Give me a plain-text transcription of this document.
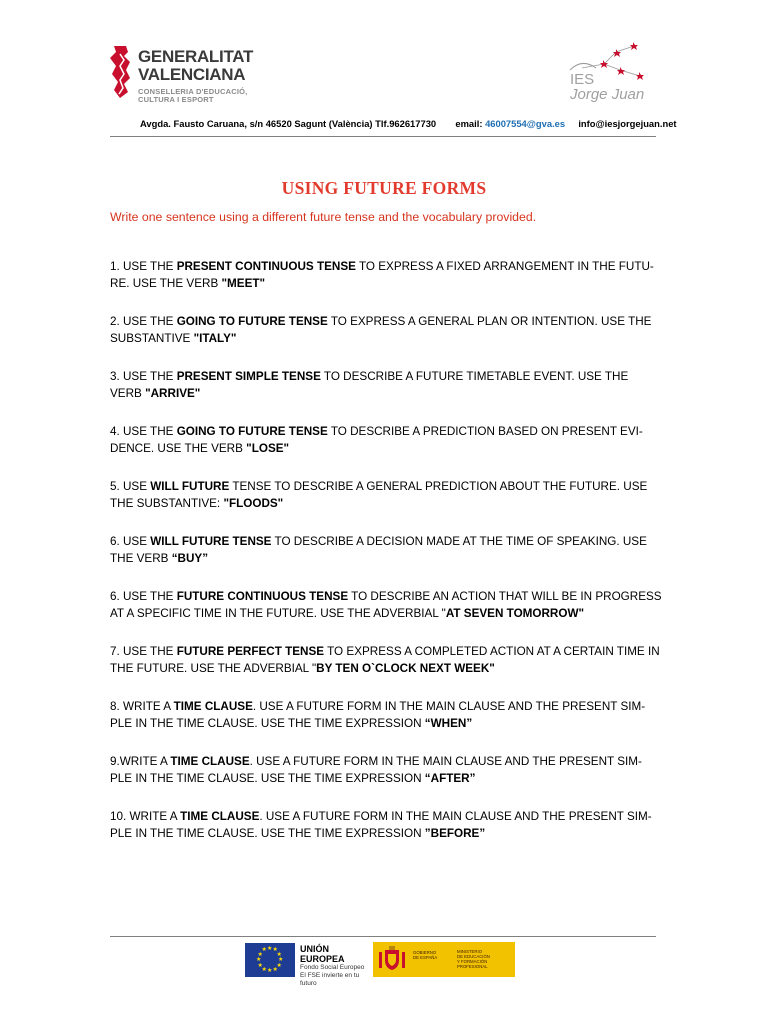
GENERALITAT
VALENCIANA
CONSELLERIA D'EDUCACIÓ,
CULTURA I ESPORT
IES
Jorge Juan
Avgda. Fausto Caruana, s/n 46520 Sagunt (València) Tlf.962617730 email: 46007554@gva.es info@iesjorgejuan.net
USING FUTURE FORMS
Write one sentence using a different future tense and the vocabulary provided.

1. USE THE PRESENT CONTINUOUS TENSE TO EXPRESS A FIXED ARRANGEMENT IN THE FUTU-RE. USE THE VERB "MEET"

2. USE THE GOING TO FUTURE TENSE TO EXPRESS A GENERAL PLAN OR INTENTION. USE THE SUBSTANTIVE "ITALY"

3. USE THE PRESENT SIMPLE TENSE TO DESCRIBE A FUTURE TIMETABLE EVENT. USE THE VERB "ARRIVE"

4. USE THE GOING TO FUTURE TENSE TO DESCRIBE A PREDICTION BASED ON PRESENT EVI-DENCE. USE THE VERB "LOSE"

5. USE WILL FUTURE TENSE TO DESCRIBE A GENERAL PREDICTION ABOUT THE FUTURE. USE THE SUBSTANTIVE: "FLOODS"

6. USE WILL FUTURE TENSE TO DESCRIBE A DECISION MADE AT THE TIME OF SPEAKING. USE THE VERB “BUY”

6. USE THE FUTURE CONTINUOUS TENSE TO DESCRIBE AN ACTION THAT WILL BE IN PROGRESS AT A SPECIFIC TIME IN THE FUTURE. USE THE ADVERBIAL "AT SEVEN TOMORROW"

7. USE THE FUTURE PERFECT TENSE TO EXPRESS A COMPLETED ACTION AT A CERTAIN TIME IN THE FUTURE. USE THE ADVERBIAL "BY TEN O`CLOCK NEXT WEEK"

8. WRITE A TIME CLAUSE. USE A FUTURE FORM IN THE MAIN CLAUSE AND THE PRESENT SIM-PLE IN THE TIME CLAUSE. USE THE TIME EXPRESSION “WHEN”

9.WRITE A TIME CLAUSE. USE A FUTURE FORM IN THE MAIN CLAUSE AND THE PRESENT SIM-PLE IN THE TIME CLAUSE. USE THE TIME EXPRESSION “AFTER”

10. WRITE A TIME CLAUSE. USE A FUTURE FORM IN THE MAIN CLAUSE AND THE PRESENT SIM-PLE IN THE TIME CLAUSE. USE THE TIME EXPRESSION ”BEFORE”

★
★
★
★
★
★
★
★
★ ★ ★
★
UNIÓN EUROPEA
Fondo Social Europeo
El FSE invierte en tu futuro
GOBIERNO
DE ESPAÑA
MINISTERIO
DE EDUCACIÓN
Y FORMACIÓN PROFESIONAL
